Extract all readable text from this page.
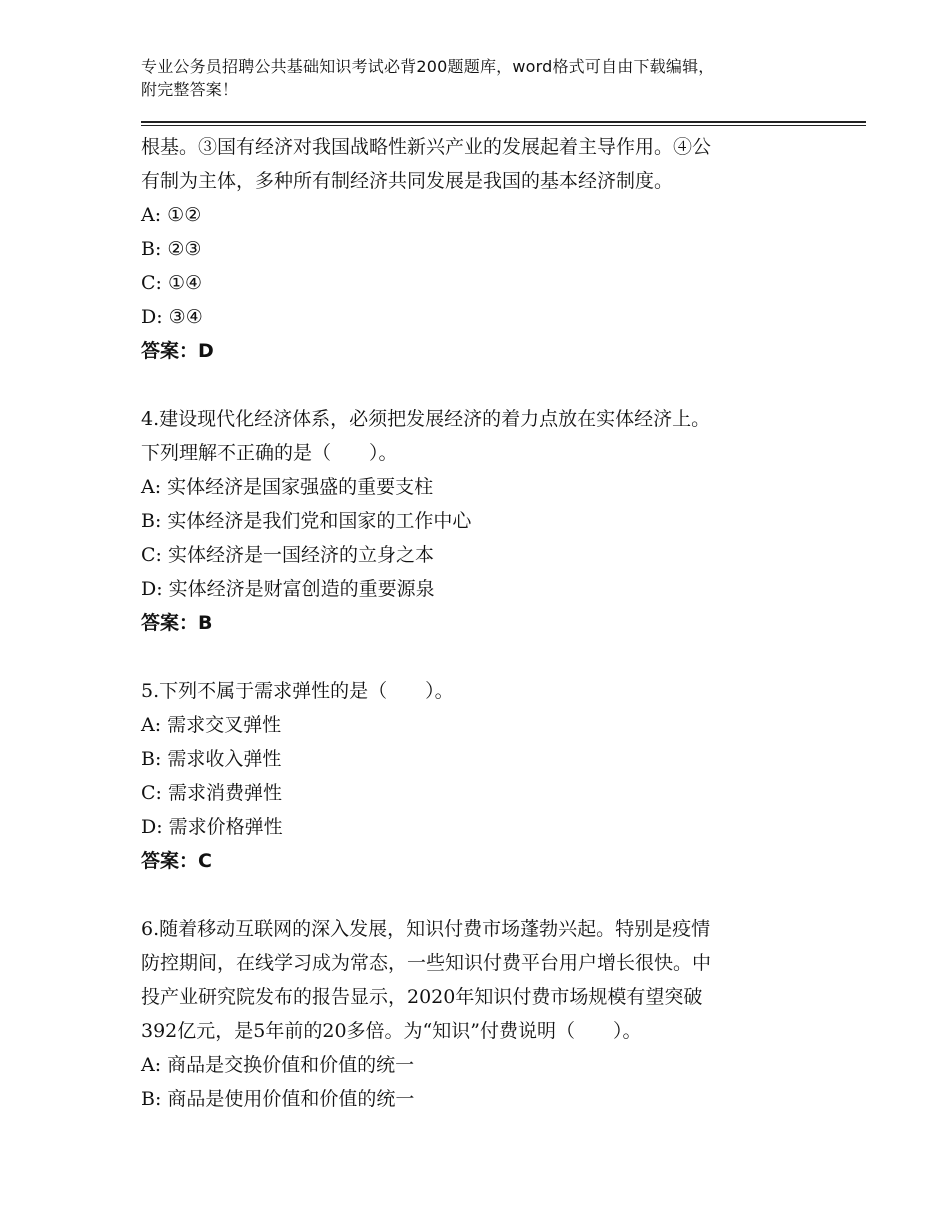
专业公务员招聘公共基础知识考试必背200题题库，word格式可自由下载编辑，
附完整答案！
根基。③国有经济对我国战略性新兴产业的发展起着主导作用。④公
有制为主体，多种所有制经济共同发展是我国的基本经济制度。
A: ①②
B: ②③
C: ①④
D: ③④
答案：D
4.建设现代化经济体系，必须把发展经济的着力点放在实体经济上。
下列理解不正确的是（　　）。
A: 实体经济是国家强盛的重要支柱
B: 实体经济是我们党和国家的工作中心
C: 实体经济是一国经济的立身之本
D: 实体经济是财富创造的重要源泉
答案：B
5.下列不属于需求弹性的是（　　）。
A: 需求交叉弹性
B: 需求收入弹性
C: 需求消费弹性
D: 需求价格弹性
答案：C
6.随着移动互联网的深入发展，知识付费市场蓬勃兴起。特别是疫情
防控期间，在线学习成为常态，一些知识付费平台用户增长很快。中
投产业研究院发布的报告显示，2020年知识付费市场规模有望突破
392亿元，是5年前的20多倍。为“知识”付费说明（　　）。
A: 商品是交换价值和价值的统一
B: 商品是使用价值和价值的统一
